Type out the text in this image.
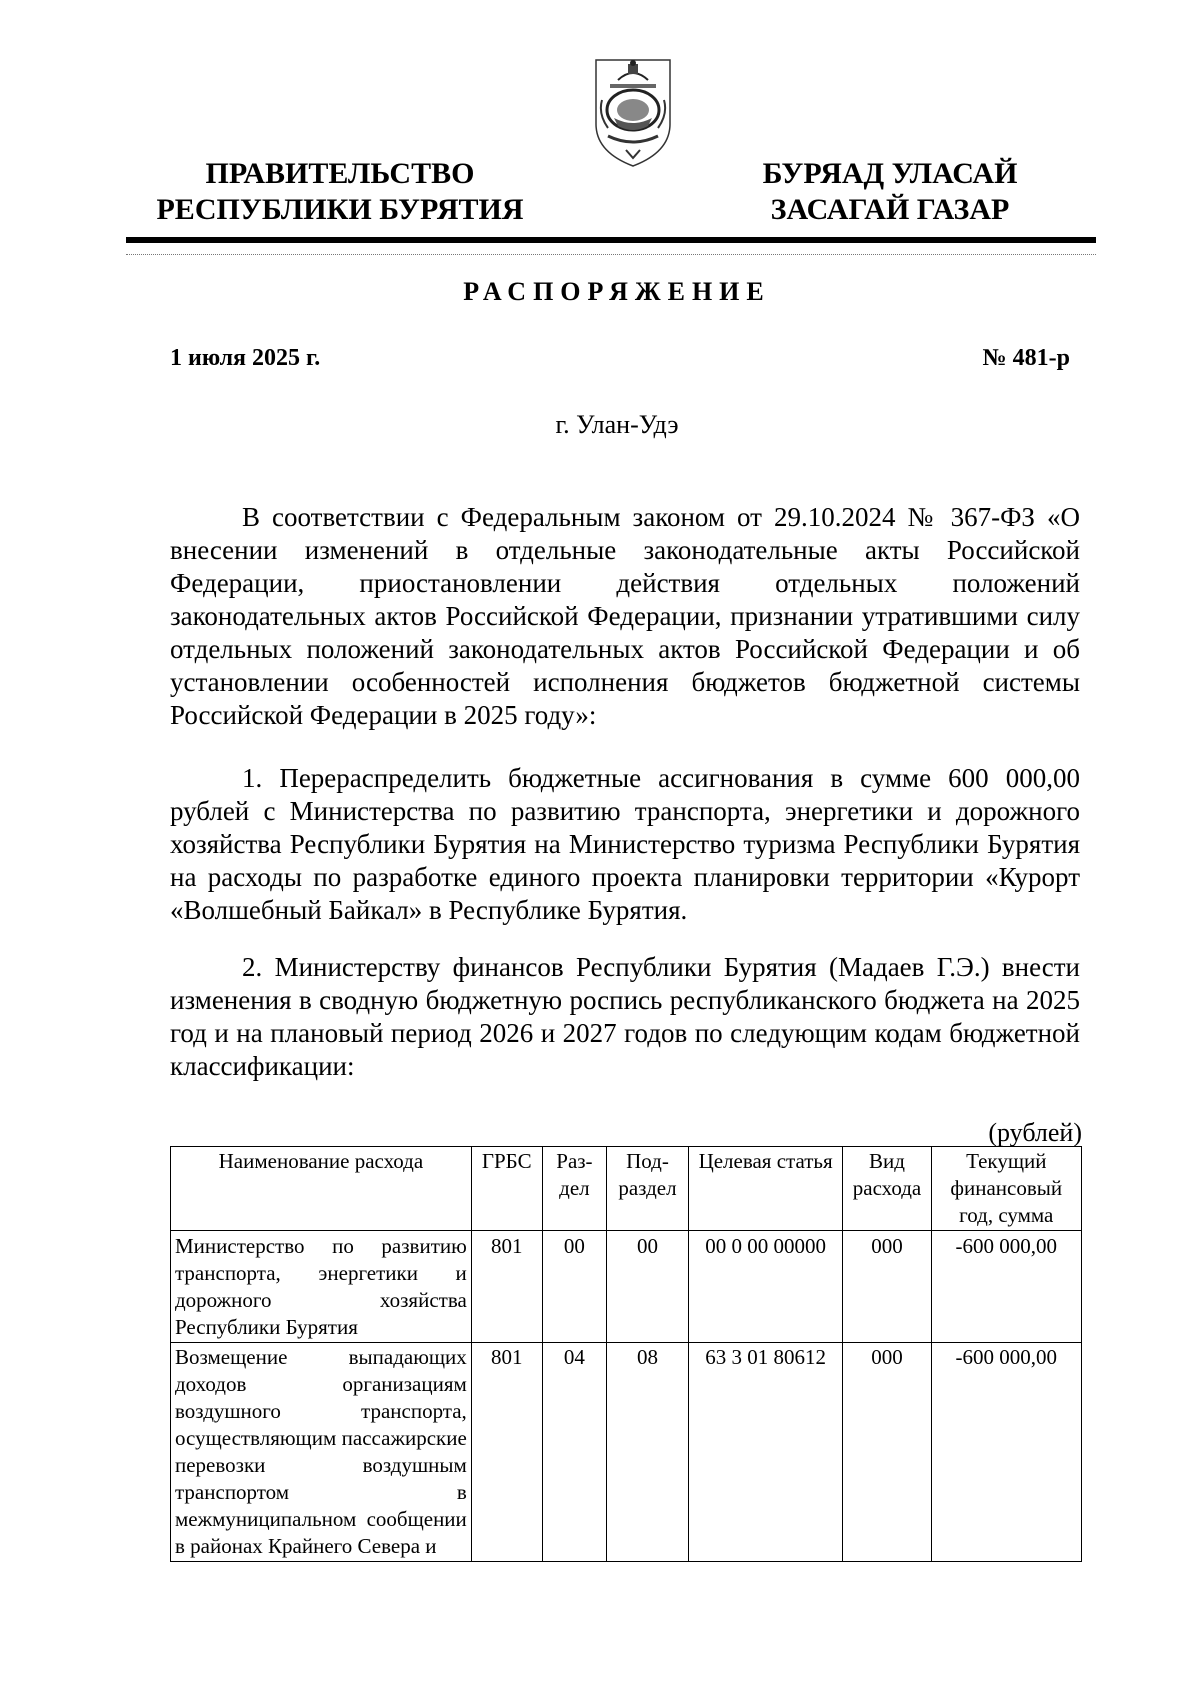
ПРАВИТЕЛЬСТВО
РЕСПУБЛИКИ БУРЯТИЯ
БУРЯАД УЛАСАЙ
ЗАСАГАЙ ГАЗАР
РАСПОРЯЖЕНИЕ
1 июля 2025 г.	№ 481-р
г. Улан-Удэ

В соответствии с Федеральным законом от 29.10.2024 № 367-ФЗ «О внесении изменений в отдельные законодательные акты Российской Федерации, приостановлении действия отдельных положений законодательных актов Российской Федерации, признании утратившими силу отдельных положений законодательных актов Российской Федерации и об установлении особенностей исполнения бюджетов бюджетной системы Российской Федерации в 2025 году»:

1. Перераспределить бюджетные ассигнования в сумме 600 000,00 рублей с Министерства по развитию транспорта, энергетики и дорожного хозяйства Республики Бурятия на Министерство туризма Республики Бурятия на расходы по разработке единого проекта планировки территории «Курорт «Волшебный Байкал» в Республике Бурятия.

2. Министерству финансов Республики Бурятия (Мадаев Г.Э.) внести изменения в сводную бюджетную роспись республиканского бюджета на 2025 год и на плановый период 2026 и 2027 годов по следующим кодам бюджетной классификации:

(рублей)
Наименование расхода	ГРБС	Раз-дел	Под-раздел	Целевая статья	Вид расхода	Текущий финансовый год, сумма
Министерство по развитию транспорта, энергетики и дорожного хозяйства Республики Бурятия	801	00	00	00 0 00 00000	000	-600 000,00
Возмещение выпадающих доходов организациям воздушного транспорта, осуществляющим пассажирские перевозки воздушным транспортом в межмуниципальном сообщении в районах Крайнего Севера и	801	04	08	63 3 01 80612	000	-600 000,00
